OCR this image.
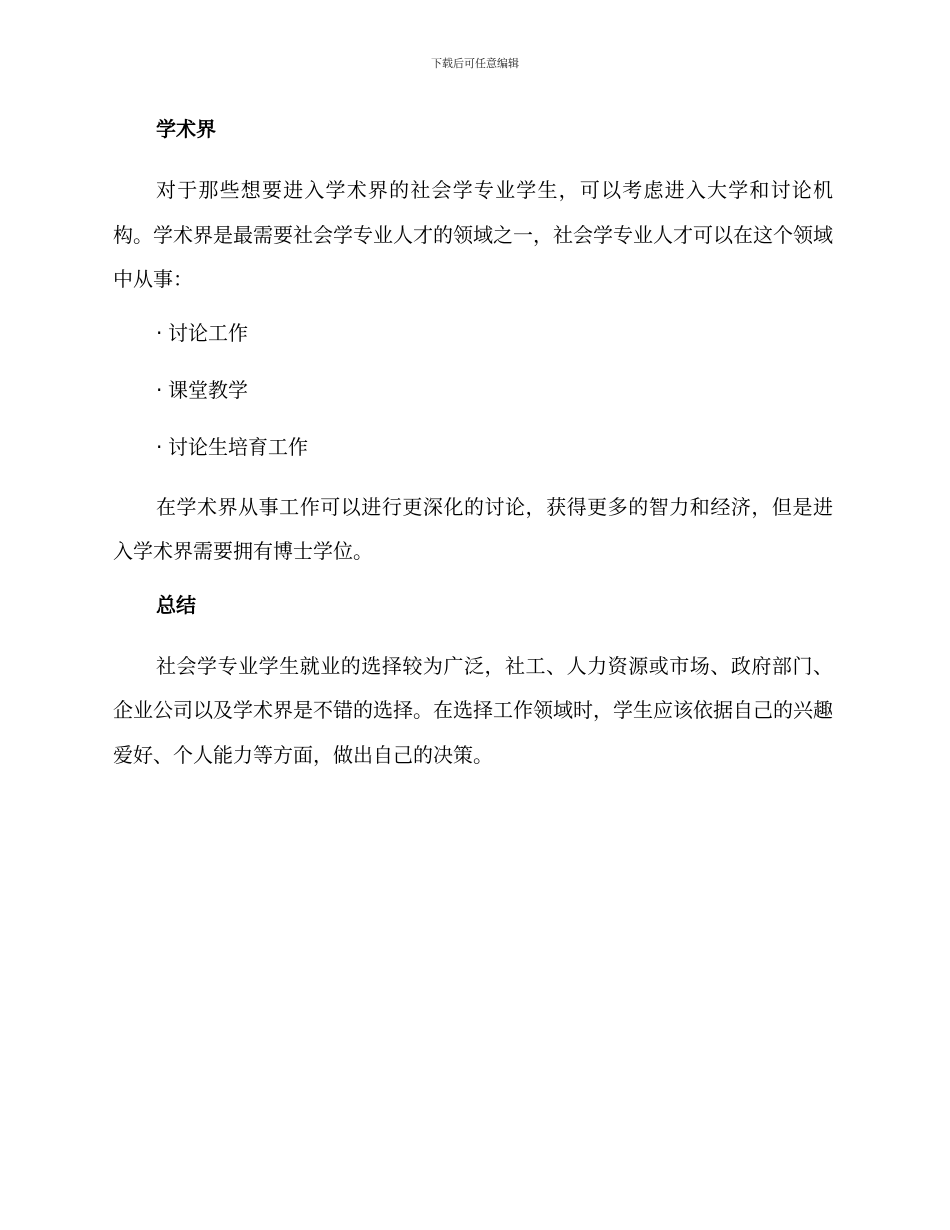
下载后可任意编辑
学术界

对于那些想要进入学术界的社会学专业学生，可以考虑进入大学和讨论机构。学术界是最需要社会学专业人才的领域之一，社会学专业人才可以在这个领域中从事：

· 讨论工作
· 课堂教学
· 讨论生培育工作

在学术界从事工作可以进行更深化的讨论，获得更多的智力和经济，但是进入学术界需要拥有博士学位。

总结

社会学专业学生就业的选择较为广泛，社工、人力资源或市场、政府部门、企业公司以及学术界是不错的选择。在选择工作领域时，学生应该依据自己的兴趣爱好、个人能力等方面，做出自己的决策。
